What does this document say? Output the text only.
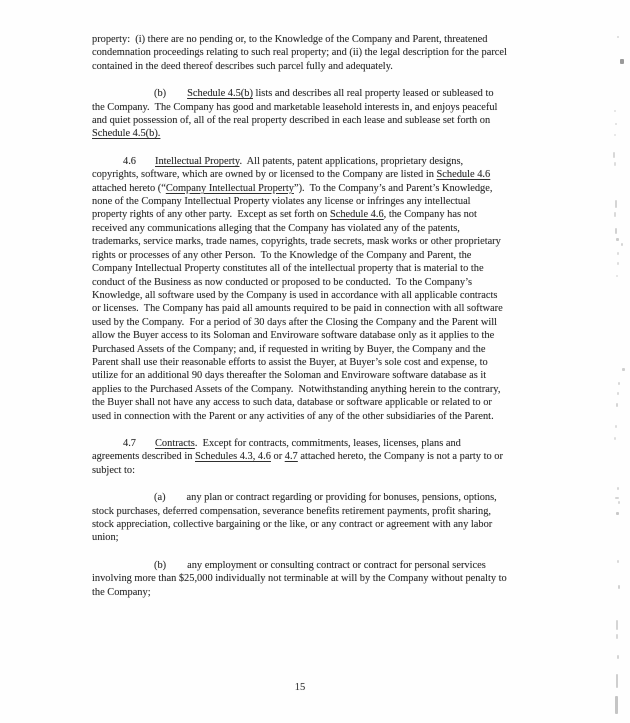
property:  (i) there are no pending or, to the Knowledge of the Company and Parent, threatened condemnation proceedings relating to such real property; and (ii) the legal description for the parcel contained in the deed thereof describes such parcel fully and adequately.

(b) Schedule 4.5(b) lists and describes all real property leased or subleased to the Company.  The Company has good and marketable leasehold interests in, and enjoys peaceful and quiet possession of, all of the real property described in each lease and sublease set forth on Schedule 4.5(b).

4.6 Intellectual Property.  All patents, patent applications, proprietary designs, copyrights, software, which are owned by or licensed to the Company are listed in Schedule 4.6 attached hereto (“Company Intellectual Property”).  To the Company’s and Parent’s Knowledge, none of the Company Intellectual Property violates any license or infringes any intellectual property rights of any other party.  Except as set forth on Schedule 4.6, the Company has not received any communications alleging that the Company has violated any of the patents, trademarks, service marks, trade names, copyrights, trade secrets, mask works or other proprietary rights or processes of any other Person.  To the Knowledge of the Company and Parent, the Company Intellectual Property constitutes all of the intellectual property that is material to the conduct of the Business as now conducted or proposed to be conducted.  To the Company’s Knowledge, all software used by the Company is used in accordance with all applicable contracts or licenses.  The Company has paid all amounts required to be paid in connection with all software used by the Company.  For a period of 30 days after the Closing the Company and the Parent will allow the Buyer access to its Soloman and Enviroware software database only as it applies to the Purchased Assets of the Company; and, if requested in writing by Buyer, the Company and the Parent shall use their reasonable efforts to assist the Buyer, at Buyer’s sole cost and expense, to utilize for an additional 90 days thereafter the Soloman and Enviroware software database as it applies to the Purchased Assets of the Company.  Notwithstanding anything herein to the contrary, the Buyer shall not have any access to such data, database or software applicable or related to or used in connection with the Parent or any activities of any of the other subsidiaries of the Parent.

4.7 Contracts.  Except for contracts, commitments, leases, licenses, plans and agreements described in Schedules 4.3, 4.6 or 4.7 attached hereto, the Company is not a party to or subject to:

(a) any plan or contract regarding or providing for bonuses, pensions, options, stock purchases, deferred compensation, severance benefits retirement payments, profit sharing, stock appreciation, collective bargaining or the like, or any contract or agreement with any labor union;

(b) any employment or consulting contract or contract for personal services involving more than $25,000 individually not terminable at will by the Company without penalty to the Company;

15
